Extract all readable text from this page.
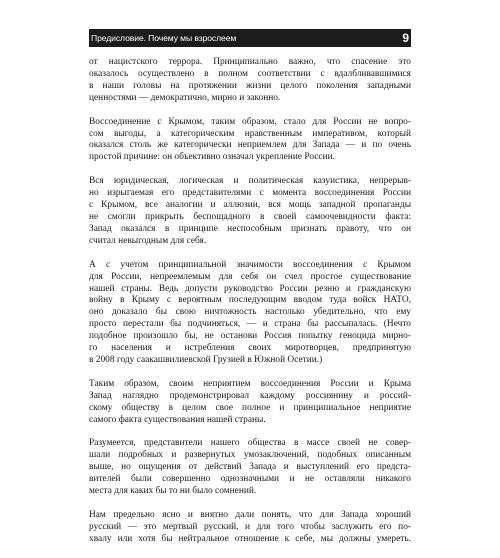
Предисловие. Почему мы взрослеем	9

от нацистского террора. Принципиально важно, что спасение это
оказалось осуществлено в полном соответствии с вдалбливавшимися
в наши головы на протяжении жизни целого поколения западными
ценностями — демократично, мирно и законно.

Воссоединение с Крымом, таким образом, стало для России не вопро-
сом выгоды, а категорическим нравственным императивом, который
оказался столь же категорически неприемлем для Запада — и по очень
простой причине: он объективно означал укрепление России.

Вся юридическая, логическая и политическая казуистика, непрерыв-
но изрыгаемая его представителями с момента воссоединения России
с Крымом, все аналогии и аллюзии, вся мощь западной пропаганды
не смогли прикрыть беспощадного в своей самоочевидности факта:
Запад оказался в принципе неспособным признать правоту, что он
считал невыгодным для себя.

А с учетом принципиальной значимости воссоединения с Крымом
для России, непреемлемым для себя он счел простое существование
нашей страны. Ведь допусти руководство России резню и гражданскую
войну в Крыму с вероятным последующим вводом туда войск НАТО,
оно доказало бы свою ничтожность настолько убедительно, что ему
просто перестали бы подчиняться, — и страна бы рассыпалась. (Нечто
подобное произошло бы, не останови Россия попытку геноцида мирно-
го населения и истребления своих миротворцев, предпринятую
в 2008 году саакашвилиевской Грузией в Южной Осетии.)

Таким образом, своим неприятием воссоединения России и Крыма
Запад наглядно продемонстрировал каждому россиянину и россий-
скому обществу в целом свое полное и принципиальное неприятие
самого факта существования нашей страны.

Разумеется, представители нашего общества в массе своей не совер-
шали подробных и развернутых умозаключений, подобных описанным
выше, но ощущения от действий Запада и выступлений его предста-
вителей были совершенно однозначными и не оставляли никакого
места для каких бы то ни было сомнений.

Нам предельно ясно и внятно дали понять, что для Запада хороший
русский — это мертвый русский, и для того чтобы заслужить его по-
хвалу или хотя бы нейтральное отношение к себе, мы должны умереть.
